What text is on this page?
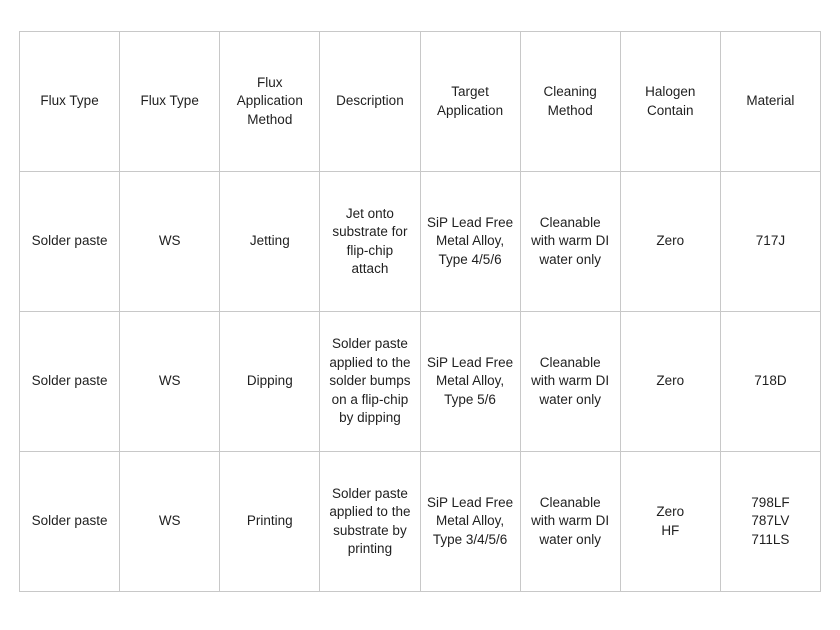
Flux Type	Flux Type	Flux
Application
Method	Description	Target
Application	Cleaning
Method	Halogen
Contain	Material

Solder paste	WS	Jetting	Jet onto
substrate for
flip-chip
attach	SiP Lead Free
Metal Alloy,
Type 4/5/6	Cleanable
with warm DI
water only	Zero	717J

Solder paste	WS	Dipping	Solder paste
applied to the
solder bumps
on a flip-chip
by dipping	SiP Lead Free
Metal Alloy,
Type 5/6	Cleanable
with warm DI
water only	Zero	718D

Solder paste	WS	Printing	Solder paste
applied to the
substrate by
printing	SiP Lead Free
Metal Alloy,
Type 3/4/5/6	Cleanable
with warm DI
water only	Zero
HF	798LF
787LV
711LS
